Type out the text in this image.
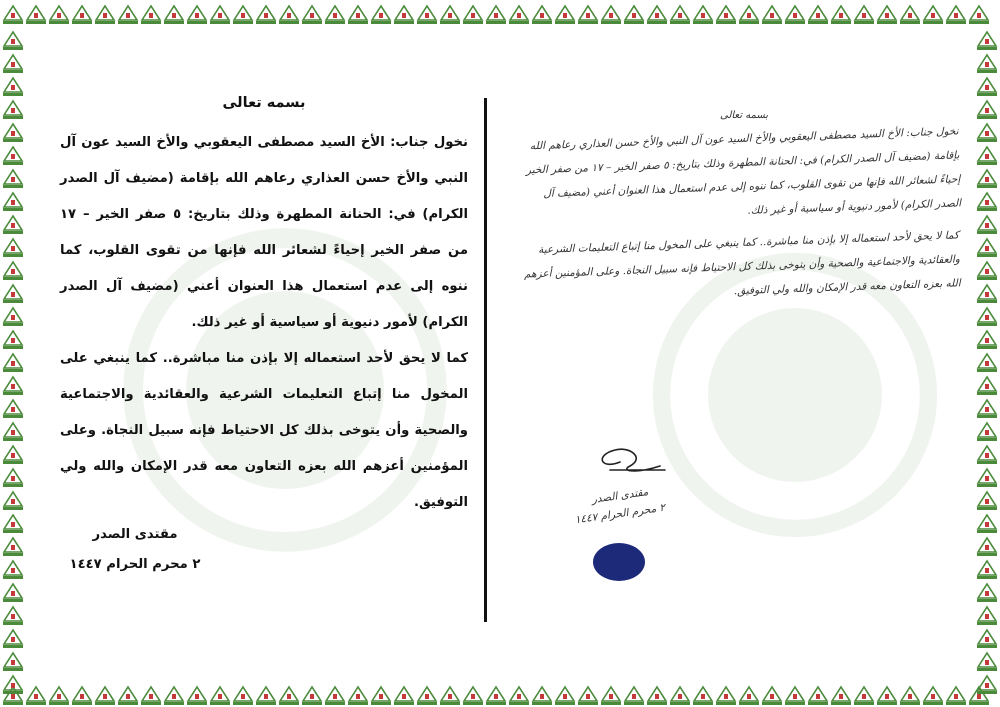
بسمه تعالى

نخول جناب: الأخ السيد مصطفى اليعقوبي والأخ السيد عون آل النبي والأخ حسن العذاري رعاهم الله بإقامة (مضيف آل الصدر الكرام) في: الحنانة المطهرة وذلك بتاريخ: ٥ صفر الخير – ١٧ من صفر الخير إحياءً لشعائر الله فإنها من تقوى القلوب، كما ننوه إلى عدم استعمال هذا العنوان أعني (مضيف آل الصدر الكرام) لأمور دنيوية أو سياسية أو غير ذلك.

كما لا يحق لأحد استعماله إلا بإذن منا مباشرة.. كما ينبغي على المخول منا إتباع التعليمات الشرعية والعقائدية والاجتماعية والصحية وأن يتوخى بذلك كل الاحتياط فإنه سبيل النجاة. وعلى المؤمنين أعزهم الله بعزه التعاون معه قدر الإمكان والله ولي التوفيق.

مقتدى الصدر
٢ محرم الحرام ١٤٤٧
بسمه تعالى

نخول جناب: الأخ السيد مصطفى اليعقوبي والأخ السيد عون آل النبي والأخ حسن العذاري رعاهم الله بإقامة (مضيف آل الصدر الكرام) في: الحنانة المطهرة وذلك بتاريخ: ٥ صفر الخير – ١٧ من صفر الخير إحياءً لشعائر الله فإنها من تقوى القلوب، كما ننوه إلى عدم استعمال هذا العنوان أعني (مضيف آل الصدر الكرام) لأمور دنيوية أو سياسية أو غير ذلك.

كما لا يحق لأحد استعماله إلا بإذن منا مباشرة.. كما ينبغي على المخول منا إتباع التعليمات الشرعية والعقائدية والاجتماعية والصحية وأن يتوخى بذلك كل الاحتياط فإنه سبيل النجاة. وعلى المؤمنين أعزهم الله بعزه التعاون معه قدر الإمكان والله ولي التوفيق.

مقتدى الصدر
٢ محرم الحرام ١٤٤٧
